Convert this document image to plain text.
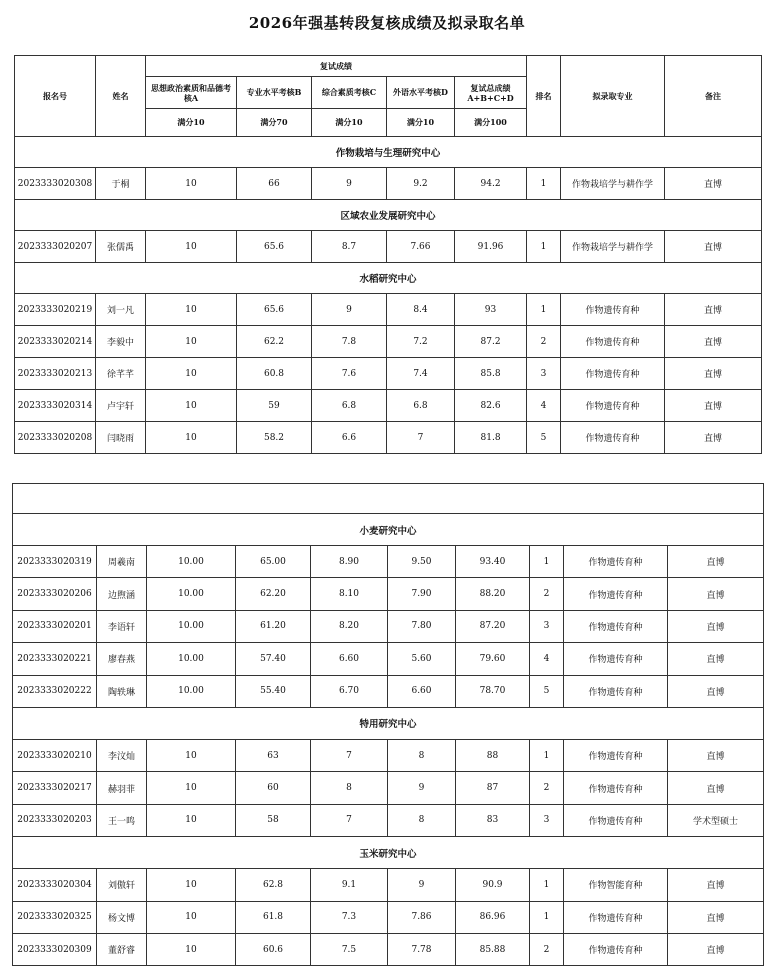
2026年强基转段复核成绩及拟录取名单
报名号	姓名	复试成绩					排名	拟录取专业	备注
		思想政治素质和品德考核A	专业水平考核B	综合素质考核C	外语水平考核D	复试总成绩A+B+C+D			
		满分10	满分70	满分10	满分10	满分100			
作物栽培与生理研究中心									
2023333020308	于桐	10	66	9	9.2	94.2	1	作物栽培学与耕作学	直博
区域农业发展研究中心									
2023333020207	张儒禹	10	65.6	8.7	7.66	91.96	1	作物栽培学与耕作学	直博
水稻研究中心									
2023333020219	刘一凡	10	65.6	9	8.4	93	1	作物遗传育种	直博
2023333020214	李毅中	10	62.2	7.8	7.2	87.2	2	作物遗传育种	直博
2023333020213	徐芊芊	10	60.8	7.6	7.4	85.8	3	作物遗传育种	直博
2023333020314	卢宇轩	10	59	6.8	6.8	82.6	4	作物遗传育种	直博
2023333020208	闫晓雨	10	58.2	6.6	7	81.8	5	作物遗传育种	直博

小麦研究中心									
2023333020319	周羲南	10.00	65.00	8.90	9.50	93.40	1	作物遗传育种	直博
2023333020206	边煦涵	10.00	62.20	8.10	7.90	88.20	2	作物遗传育种	直博
2023333020201	李语轩	10.00	61.20	8.20	7.80	87.20	3	作物遗传育种	直博
2023333020221	廖春燕	10.00	57.40	6.60	5.60	79.60	4	作物遗传育种	直博
2023333020222	陶轶琳	10.00	55.40	6.70	6.60	78.70	5	作物遗传育种	直博
特用研究中心									
2023333020210	李汶灿	10	63	7	8	88	1	作物遗传育种	直博
2023333020217	赫羽菲	10	60	8	9	87	2	作物遗传育种	直博
2023333020203	王一鸣	10	58	7	8	83	3	作物遗传育种	学术型硕士
玉米研究中心									
2023333020304	刘傲轩	10	62.8	9.1	9	90.9	1	作物智能育种	直博
2023333020325	杨文博	10	61.8	7.3	7.86	86.96	1	作物遗传育种	直博
2023333020309	董舒睿	10	60.6	7.5	7.78	85.88	2	作物遗传育种	直博
